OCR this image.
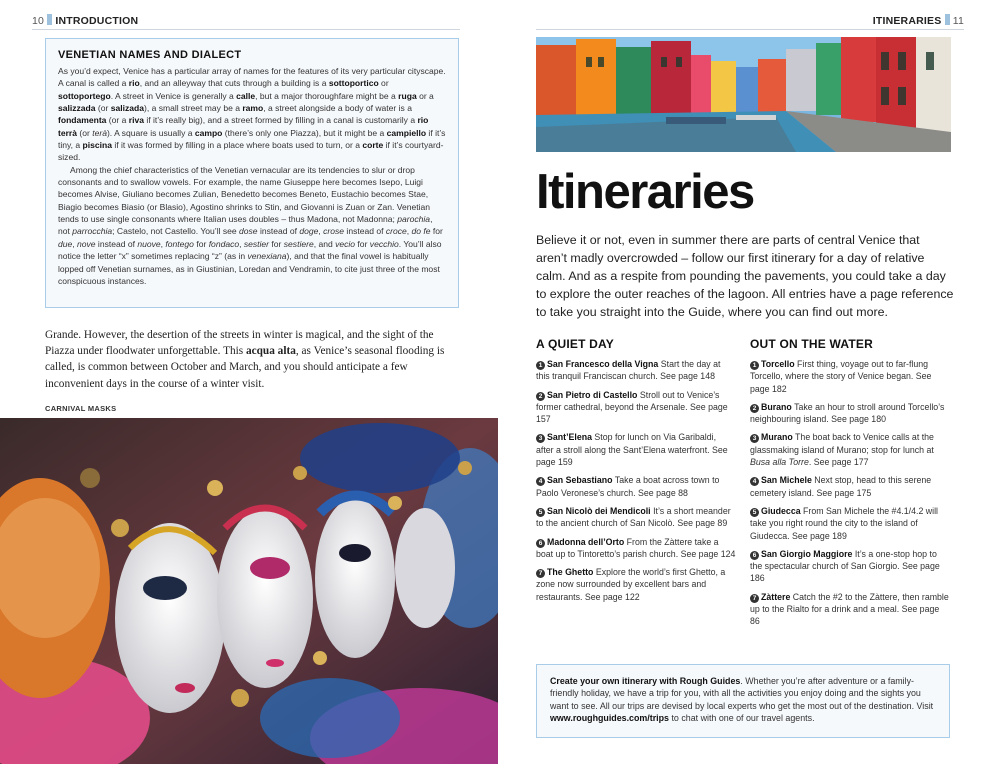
10 INTRODUCTION
VENETIAN NAMES AND DIALECT

As you’d expect, Venice has a particular array of names for the features of its very particular cityscape. A canal is called a rio, and an alleyway that cuts through a building is a sottoportico or sottoportego. A street in Venice is generally a calle, but a major thoroughfare might be a ruga or a salizzada (or salizada), a small street may be a ramo, a street alongside a body of water is a fondamenta (or a riva if it’s really big), and a street formed by filling in a canal is customarily a rio terrà (or terà). A square is usually a campo (there’s only one Piazza), but it might be a campiello if it’s tiny, a piscina if it was formed by filling in a place where boats used to turn, or a corte if it’s courtyard-sized.

Among the chief characteristics of the Venetian vernacular are its tendencies to slur or drop consonants and to swallow vowels. For example, the name Giuseppe here becomes Isepo, Luigi becomes Alvise, Giuliano becomes Zulian, Benedetto becomes Beneto, Eustachio becomes Stae, Biagio becomes Biasio (or Blasio), Agostino shrinks to Stin, and Giovanni is Zuan or Zan. Venetian tends to use single consonants where Italian uses doubles – thus Madona, not Madonna; parochia, not parrocchia; Castelo, not Castello. You’ll see dose instead of doge, crose instead of croce, do fe for due, nove instead of nuove, fontego for fondaco, sestier for sestiere, and vecio for vecchio. You’ll also notice the letter “x” sometimes replacing “z” (as in venexiana), and that the final vowel is habitually lopped off Venetian surnames, as in Giustinian, Loredan and Vendramin, to cite just three of the most conspicuous instances.

Grande. However, the desertion of the streets in winter is magical, and the sight of the Piazza under floodwater unforgettable. This acqua alta, as Venice’s seasonal flooding is called, is common between October and March, and you should anticipate a few inconvenient days in the course of a winter visit.

CARNIVAL MASKS
ITINERARIES 11
Itineraries

Believe it or not, even in summer there are parts of central Venice that aren’t madly overcrowded – follow our first itinerary for a day of relative calm. And as a respite from pounding the pavements, you could take a day to explore the outer reaches of the lagoon. All entries have a page reference to take you straight into the Guide, where you can find out more.

A QUIET DAY
1 San Francesco della Vigna Start the day at this tranquil Franciscan church. See page 148
2 San Pietro di Castello Stroll out to Venice’s former cathedral, beyond the Arsenale. See page 157
3 Sant’Elena Stop for lunch on Via Garibaldi, after a stroll along the Sant’Elena waterfront. See page 159
4 San Sebastiano Take a boat across town to Paolo Veronese’s church. See page 88
5 San Nicolò dei Mendicoli It’s a short meander to the ancient church of San Nicolò. See page 89
6 Madonna dell’Orto From the Zàttere take a boat up to Tintoretto’s parish church. See page 124
7 The Ghetto Explore the world’s first Ghetto, a zone now surrounded by excellent bars and restaurants. See page 122
OUT ON THE WATER
1 Torcello First thing, voyage out to far-flung Torcello, where the story of Venice began. See page 182
2 Burano Take an hour to stroll around Torcello’s neighbouring island. See page 180
3 Murano The boat back to Venice calls at the glassmaking island of Murano; stop for lunch at Busa alla Torre. See page 177
4 San Michele Next stop, head to this serene cemetery island. See page 175
5 Giudecca From San Michele the #4.1/4.2 will take you right round the city to the island of Giudecca. See page 189
6 San Giorgio Maggiore It’s a one-stop hop to the spectacular church of San Giorgio. See page 186
7 Zàttere Catch the #2 to the Zàttere, then ramble up to the Rialto for a drink and a meal. See page 86

Create your own itinerary with Rough Guides. Whether you’re after adventure or a family-friendly holiday, we have a trip for you, with all the activities you enjoy doing and the sights you want to see. All our trips are devised by local experts who get the most out of the destination. Visit www.roughguides.com/trips to chat with one of our travel agents.
